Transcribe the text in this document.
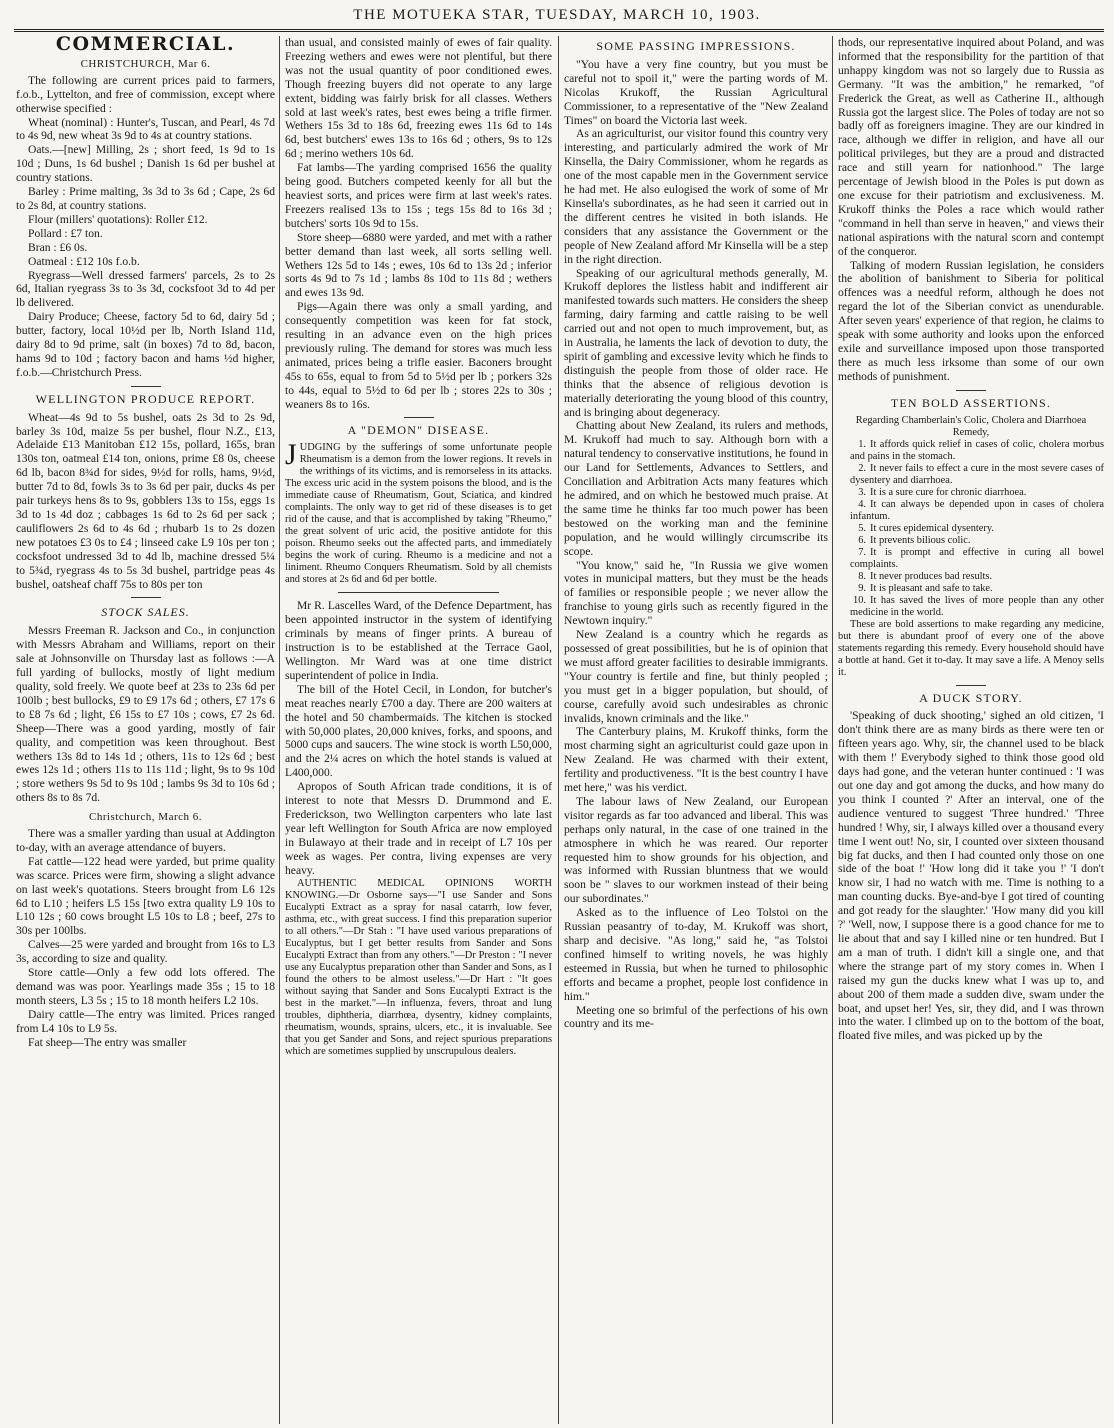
THE MOTUEKA STAR, TUESDAY, MARCH 10, 1903.
COMMERCIAL.
CHRISTCHURCH, Mar 6.

The following are current prices paid to farmers, f.o.b., Lyttelton, and free of commission, except where otherwise specified :

Wheat (nominal) : Hunter's, Tuscan, and Pearl, 4s 7d to 4s 9d, new wheat 3s 9d to 4s at country stations.

Oats.—[new] Milling, 2s ; short feed, 1s 9d to 1s 10d ; Duns, 1s 6d bushel ; Danish 1s 6d per bushel at country stations.

Barley : Prime malting, 3s 3d to 3s 6d ; Cape, 2s 6d to 2s 8d, at country stations.

Flour (millers' quotations): Roller £12.

Pollard : £7 ton.

Bran : £6 0s.

Oatmeal : £12 10s f.o.b.

Ryegrass—Well dressed farmers' parcels, 2s to 2s 6d, Italian ryegrass 3s to 3s 3d, cocksfoot 3d to 4d per lb delivered.

Dairy Produce; Cheese, factory 5d to 6d, dairy 5d ; butter, factory, local 10½d per lb, North Island 11d, dairy 8d to 9d prime, salt (in boxes) 7d to 8d, bacon, hams 9d to 10d ; factory bacon and hams ½d higher, f.o.b.—Christchurch Press.

WELLINGTON PRODUCE REPORT.

Wheat—4s 9d to 5s bushel, oats 2s 3d to 2s 9d, barley 3s 10d, maize 5s per bushel, flour N.Z., £13, Adelaide £13 Manitoban £12 15s, pollard, 165s, bran 130s ton, oatmeal £14 ton, onions, prime £8 0s, cheese 6d lb, bacon 8¾d for sides, 9½d for rolls, hams, 9½d, butter 7d to 8d, fowls 3s to 3s 6d per pair, ducks 4s per pair turkeys hens 8s to 9s, gobblers 13s to 15s, eggs 1s 3d to 1s 4d doz ; cabbages 1s 6d to 2s 6d per sack ; cauliflowers 2s 6d to 4s 6d ; rhubarb 1s to 2s dozen new potatoes £3 0s to £4 ; linseed cake L9 10s per ton ; cocksfoot undressed 3d to 4d lb, machine dressed 5¼ to 5¾d, ryegrass 4s to 5s 3d bushel, partridge peas 4s bushel, oatsheaf chaff 75s to 80s per ton

STOCK SALES.

Messrs Freeman R. Jackson and Co., in conjunction with Messrs Abraham and Williams, report on their sale at Johnsonville on Thursday last as follows :—A full yarding of bullocks, mostly of light medium quality, sold freely. We quote beef at 23s to 23s 6d per 100lb ; best bullocks, £9 to £9 17s 6d ; others, £7 17s 6 to £8 7s 6d ; light, £6 15s to £7 10s ; cows, £7 2s 6d. Sheep—There was a good yarding, mostly of fair quality, and competition was keen throughout. Best wethers 13s 8d to 14s 1d ; others, 11s to 12s 6d ; best ewes 12s 1d ; others 11s to 11s 11d ; light, 9s to 9s 10d ; store wethers 9s 5d to 9s 10d ; lambs 9s 3d to 10s 6d ; others 8s to 8s 7d.

Christchurch, March 6.

There was a smaller yarding than usual at Addington to-day, with an average attendance of buyers.

Fat cattle—122 head were yarded, but prime quality was scarce. Prices were firm, showing a slight advance on last week's quotations. Steers brought from L6 12s 6d to L10 ; heifers L5 15s [two extra quality L9 10s to L10 12s ; 60 cows brought L5 10s to L8 ; beef, 27s to 30s per 100lbs.

Calves—25 were yarded and brought from 16s to L3 3s, according to size and quality.

Store cattle—Only a few odd lots offered. The demand was was poor. Yearlings made 35s ; 15 to 18 month steers, L3 5s ; 15 to 18 month heifers L2 10s.

Dairy cattle—The entry was limited. Prices ranged from L4 10s to L9 5s.

Fat sheep—The entry was smaller

than usual, and consisted mainly of ewes of fair quality. Freezing wethers and ewes were not plentiful, but there was not the usual quantity of poor conditioned ewes. Though freezing buyers did not operate to any large extent, bidding was fairly brisk for all classes. Wethers sold at last week's rates, best ewes being a trifle firmer. Wethers 15s 3d to 18s 6d, freezing ewes 11s 6d to 14s 6d, best butchers' ewes 13s to 16s 6d ; others, 9s to 12s 6d ; merino wethers 10s 6d.

Fat lambs—The yarding comprised 1656 the quality being good. Butchers competed keenly for all but the heaviest sorts, and prices were firm at last week's rates. Freezers realised 13s to 15s ; tegs 15s 8d to 16s 3d ; butchers' sorts 10s 9d to 15s.

Store sheep—6880 were yarded, and met with a rather better demand than last week, all sorts selling well. Wethers 12s 5d to 14s ; ewes, 10s 6d to 13s 2d ; inferior sorts 4s 9d to 7s 1d ; lambs 8s 10d to 11s 8d ; wethers and ewes 13s 9d.

Pigs—Again there was only a small yarding, and consequently competition was keen for fat stock, resulting in an advance even on the high prices previously ruling. The demand for stores was much less animated, prices being a trifle easier. Baconers brought 45s to 65s, equal to from 5d to 5½d per lb ; porkers 32s to 44s, equal to 5½d to 6d per lb ; stores 22s to 30s ; weaners 8s to 16s.

A "DEMON" DISEASE.
JUDGING by the sufferings of some unfortunate people Rheumatism is a demon from the lower regions. It revels in the writhings of its victims, and is remorseless in its attacks. The excess uric acid in the system poisons the blood, and is the immediate cause of Rheumatism, Gout, Sciatica, and kindred complaints. The only way to get rid of these diseases is to get rid of the cause, and that is accomplished by taking "Rheumo," the great solvent of uric acid, the positive antidote for this poison. Rheumo seeks out the affected parts, and immediately begins the work of curing. Rheumo is a medicine and not a liniment. Rheumo Conquers Rheumatism. Sold by all chemists and stores at 2s 6d and 6d per bottle.

Mr R. Lascelles Ward, of the Defence Department, has been appointed instructor in the system of identifying criminals by means of finger prints. A bureau of instruction is to be established at the Terrace Gaol, Wellington. Mr Ward was at one time district superintendent of police in India.

The bill of the Hotel Cecil, in London, for butcher's meat reaches nearly £700 a day. There are 200 waiters at the hotel and 50 chambermaids. The kitchen is stocked with 50,000 plates, 20,000 knives, forks, and spoons, and 5000 cups and saucers. The wine stock is worth L50,000, and the 2¼ acres on which the hotel stands is valued at L400,000.

Apropos of South African trade conditions, it is of interest to note that Messrs D. Drummond and E. Frederickson, two Wellington carpenters who late last year left Wellington for South Africa are now employed in Bulawayo at their trade and in receipt of L7 10s per week as wages. Per contra, living expenses are very heavy.

AUTHENTIC MEDICAL OPINIONS WORTH KNOWING.—Dr Osborne says—"I use Sander and Sons Eucalypti Extract as a spray for nasal catarrh, low fever, asthma, etc., with great success. I find this preparation superior to all others."—Dr Stah : "I have used various preparations of Eucalyptus, but I get better results from Sander and Sons Eucalypti Extract than from any others."—Dr Preston : "I never use any Eucalyptus preparation other than Sander and Sons, as I found the others to be almost useless."—Dr Hart : "It goes without saying that Sander and Sons Eucalypti Extract is the best in the market."—In influenza, fevers, throat and lung troubles, diphtheria, diarrhœa, dysentry, kidney complaints, rheumatism, wounds, sprains, ulcers, etc., it is invaluable. See that you get Sander and Sons, and reject spurious preparations which are sometimes supplied by unscrupulous dealers.

SOME PASSING IMPRESSIONS.

"You have a very fine country, but you must be careful not to spoil it," were the parting words of M. Nicolas Krukoff, the Russian Agricultural Commissioner, to a representative of the "New Zealand Times" on board the Victoria last week.

As an agriculturist, our visitor found this country very interesting, and particularly admired the work of Mr Kinsella, the Dairy Commissioner, whom he regards as one of the most capable men in the Government service he had met. He also eulogised the work of some of Mr Kinsella's subordinates, as he had seen it carried out in the different centres he visited in both islands. He considers that any assistance the Government or the people of New Zealand afford Mr Kinsella will be a step in the right direction.

Speaking of our agricultural methods generally, M. Krukoff deplores the listless habit and indifferent air manifested towards such matters. He considers the sheep farming, dairy farming and cattle raising to be well carried out and not open to much improvement, but, as in Australia, he laments the lack of devotion to duty, the spirit of gambling and excessive levity which he finds to distinguish the people from those of older race. He thinks that the absence of religious devotion is materially deteriorating the young blood of this country, and is bringing about degeneracy.

Chatting about New Zealand, its rulers and methods, M. Krukoff had much to say. Although born with a natural tendency to conservative institutions, he found in our Land for Settlements, Advances to Settlers, and Conciliation and Arbitration Acts many features which he admired, and on which he bestowed much praise. At the same time he thinks far too much power has been bestowed on the working man and the feminine population, and he would willingly circumscribe its scope.

"You know," said he, "In Russia we give women votes in municipal matters, but they must be the heads of families or responsible people ; we never allow the franchise to young girls such as recently figured in the Newtown inquiry."

New Zealand is a country which he regards as possessed of great possibilities, but he is of opinion that we must afford greater facilities to desirable immigrants. "Your country is fertile and fine, but thinly peopled ; you must get in a bigger population, but should, of course, carefully avoid such undesirables as chronic invalids, known criminals and the like."

The Canterbury plains, M. Krukoff thinks, form the most charming sight an agriculturist could gaze upon in New Zealand. He was charmed with their extent, fertility and productiveness. "It is the best country I have met here," was his verdict.

The labour laws of New Zealand, our European visitor regards as far too advanced and liberal. This was perhaps only natural, in the case of one trained in the atmosphere in which he was reared. Our reporter requested him to show grounds for his objection, and was informed with Russian bluntness that we would soon be " slaves to our workmen instead of their being our subordinates."

Asked as to the influence of Leo Tolstoi on the Russian peasantry of to-day, M. Krukoff was short, sharp and decisive. "As long," said he, "as Tolstoi confined himself to writing novels, he was highly esteemed in Russia, but when he turned to philosophic efforts and became a prophet, people lost confidence in him."

Meeting one so brimful of the perfections of his own country and its me-

thods, our representative inquired about Poland, and was informed that the responsibility for the partition of that unhappy kingdom was not so largely due to Russia as Germany. "It was the ambition," he remarked, "of Frederick the Great, as well as Catherine II., although Russia got the largest slice. The Poles of today are not so badly off as foreigners imagine. They are our kindred in race, although we differ in religion, and have all our political privileges, but they are a proud and distracted race and still yearn for nationhood." The large percentage of Jewish blood in the Poles is put down as one excuse for their patriotism and exclusiveness. M. Krukoff thinks the Poles a race which would rather "command in hell than serve in heaven," and views their national aspirations with the natural scorn and contempt of the conqueror.

Talking of modern Russian legislation, he considers the abolition of banishment to Siberia for political offences was a needful reform, although he does not regard the lot of the Siberian convict as unendurable. After seven years' experience of that region, he claims to speak with some authority and looks upon the enforced exile and surveillance imposed upon those transported there as much less irksome than some of our own methods of punishment.

TEN BOLD ASSERTIONS.
Regarding Chamberlain's Colic, Cholera and Diarrhoea Remedy,

1. It affords quick relief in cases of colic, cholera morbus and pains in the stomach.

2. It never fails to effect a cure in the most severe cases of dysentery and diarrhoea.

3. It is a sure cure for chronic diarrhoea.

4. It can always be depended upon in cases of cholera infantum.

5. It cures epidemical dysentery.

6. It prevents bilious colic.

7. It is prompt and effective in curing all bowel complaints.

8. It never produces bad results.

9. It is pleasant and safe to take.

10. It has saved the lives of more people than any other medicine in the world.

These are bold assertions to make regarding any medicine, but there is abundant proof of every one of the above statements regarding this remedy. Every household should have a bottle at hand. Get it to-day. It may save a life. A Menoy sells it.

A DUCK STORY.

'Speaking of duck shooting,' sighed an old citizen, 'I don't think there are as many birds as there were ten or fifteen years ago. Why, sir, the channel used to be black with them !' Everybody sighed to think those good old days had gone, and the veteran hunter continued : 'I was out one day and got among the ducks, and how many do you think I counted ?' After an interval, one of the audience ventured to suggest 'Three hundred.' 'Three hundred ! Why, sir, I always killed over a thousand every time I went out! No, sir, I counted over sixteen thousand big fat ducks, and then I had counted only those on one side of the boat !' 'How long did it take you !' 'I don't know sir, I had no watch with me. Time is nothing to a man counting ducks. Bye-and-bye I got tired of counting and got ready for the slaughter.' 'How many did you kill ?' 'Well, now, I suppose there is a good chance for me to lie about that and say I killed nine or ten hundred. But I am a man of truth. I didn't kill a single one, and that where the strange part of my story comes in. When I raised my gun the ducks knew what I was up to, and about 200 of them made a sudden dive, swam under the boat, and upset her! Yes, sir, they did, and I was thrown into the water. I climbed up on to the bottom of the boat, floated five miles, and was picked up by the
